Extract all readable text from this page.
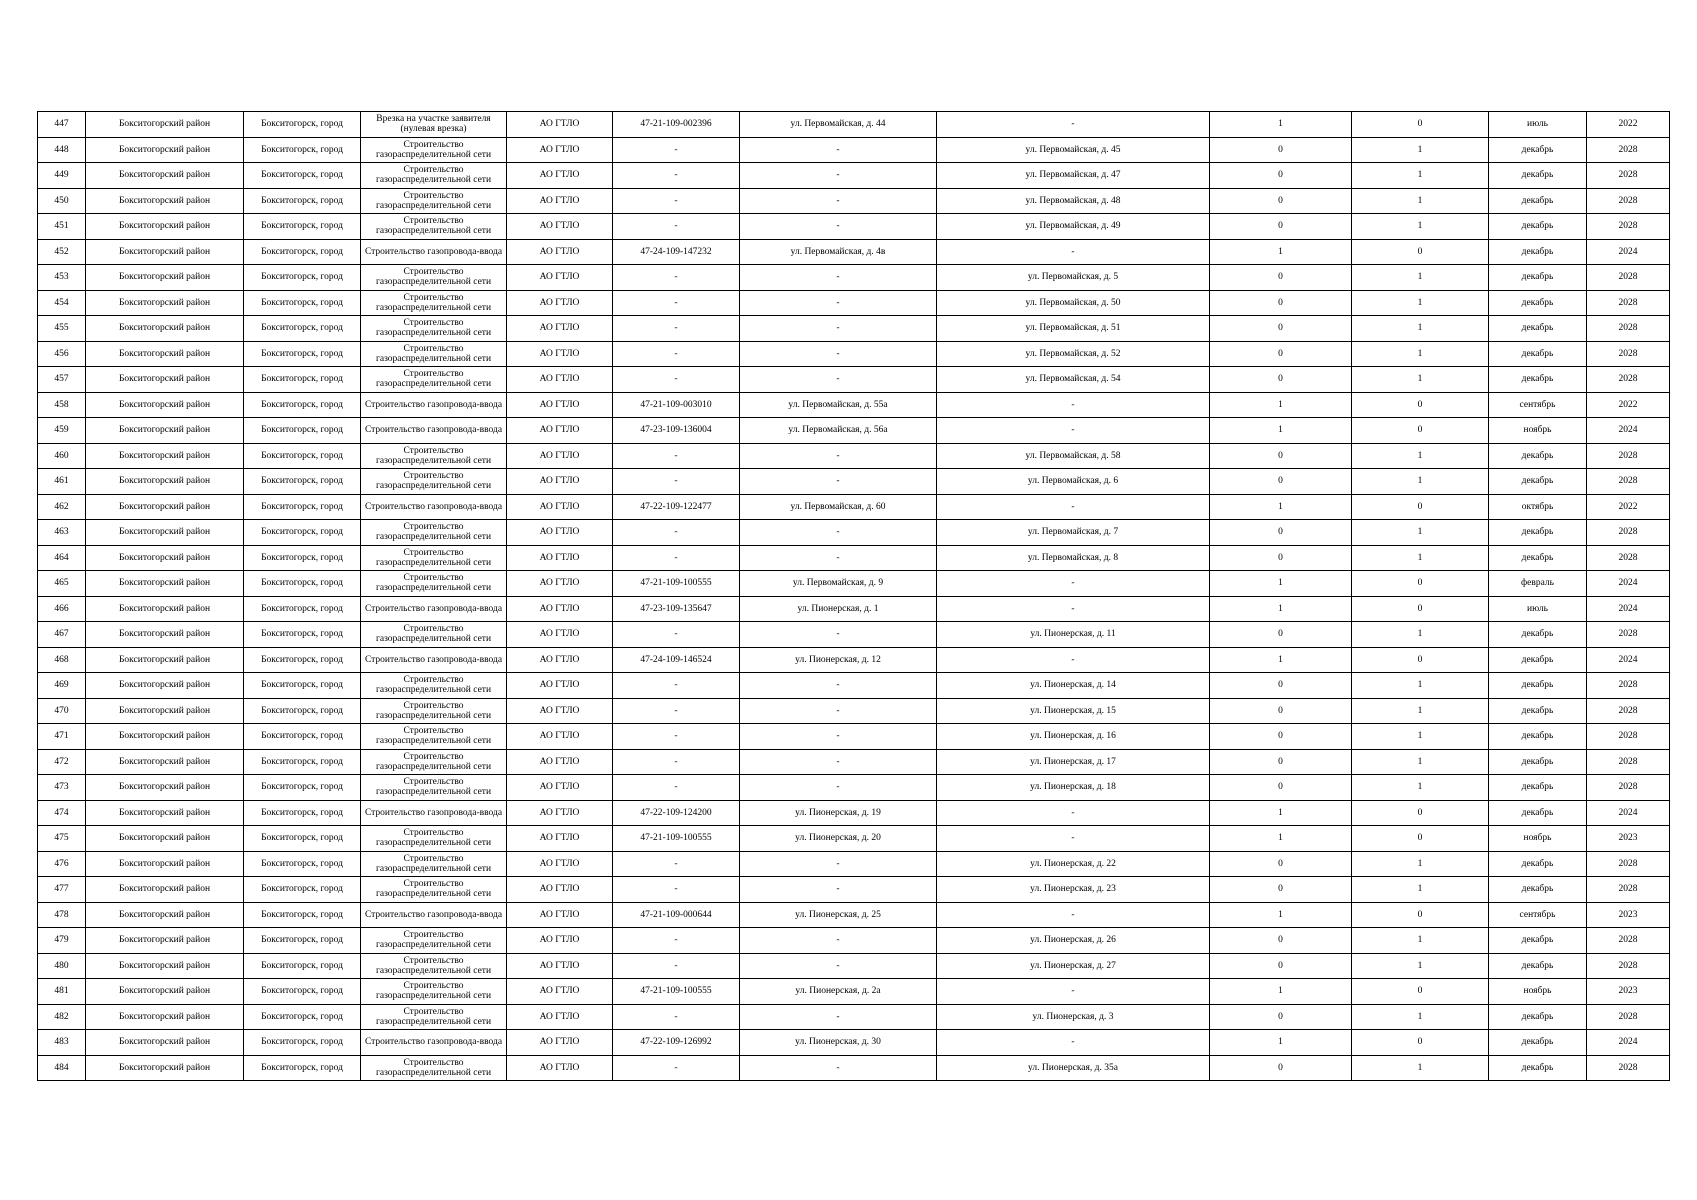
447	Бокситогорский район	Бокситогорск, город	Врезка на участке заявителя (нулевая врезка)	АО ГТЛО	47-21-109-002396	ул. Первомайская, д. 44	-	1	0	июль	2022
448	Бокситогорский район	Бокситогорск, город	Строительство газораспределительной сети	АО ГТЛО	-	-	ул. Первомайская, д. 45	0	1	декабрь	2028
449	Бокситогорский район	Бокситогорск, город	Строительство газораспределительной сети	АО ГТЛО	-	-	ул. Первомайская, д. 47	0	1	декабрь	2028
450	Бокситогорский район	Бокситогорск, город	Строительство газораспределительной сети	АО ГТЛО	-	-	ул. Первомайская, д. 48	0	1	декабрь	2028
451	Бокситогорский район	Бокситогорск, город	Строительство газораспределительной сети	АО ГТЛО	-	-	ул. Первомайская, д. 49	0	1	декабрь	2028
452	Бокситогорский район	Бокситогорск, город	Строительство газопровода-ввода	АО ГТЛО	47-24-109-147232	ул. Первомайская, д. 4в	-	1	0	декабрь	2024
453	Бокситогорский район	Бокситогорск, город	Строительство газораспределительной сети	АО ГТЛО	-	-	ул. Первомайская, д. 5	0	1	декабрь	2028
454	Бокситогорский район	Бокситогорск, город	Строительство газораспределительной сети	АО ГТЛО	-	-	ул. Первомайская, д. 50	0	1	декабрь	2028
455	Бокситогорский район	Бокситогорск, город	Строительство газораспределительной сети	АО ГТЛО	-	-	ул. Первомайская, д. 51	0	1	декабрь	2028
456	Бокситогорский район	Бокситогорск, город	Строительство газораспределительной сети	АО ГТЛО	-	-	ул. Первомайская, д. 52	0	1	декабрь	2028
457	Бокситогорский район	Бокситогорск, город	Строительство газораспределительной сети	АО ГТЛО	-	-	ул. Первомайская, д. 54	0	1	декабрь	2028
458	Бокситогорский район	Бокситогорск, город	Строительство газопровода-ввода	АО ГТЛО	47-21-109-003010	ул. Первомайская, д. 55а	-	1	0	сентябрь	2022
459	Бокситогорский район	Бокситогорск, город	Строительство газопровода-ввода	АО ГТЛО	47-23-109-136004	ул. Первомайская, д. 56а	-	1	0	ноябрь	2024
460	Бокситогорский район	Бокситогорск, город	Строительство газораспределительной сети	АО ГТЛО	-	-	ул. Первомайская, д. 58	0	1	декабрь	2028
461	Бокситогорский район	Бокситогорск, город	Строительство газораспределительной сети	АО ГТЛО	-	-	ул. Первомайская, д. 6	0	1	декабрь	2028
462	Бокситогорский район	Бокситогорск, город	Строительство газопровода-ввода	АО ГТЛО	47-22-109-122477	ул. Первомайская, д. 60	-	1	0	октябрь	2022
463	Бокситогорский район	Бокситогорск, город	Строительство газораспределительной сети	АО ГТЛО	-	-	ул. Первомайская, д. 7	0	1	декабрь	2028
464	Бокситогорский район	Бокситогорск, город	Строительство газораспределительной сети	АО ГТЛО	-	-	ул. Первомайская, д. 8	0	1	декабрь	2028
465	Бокситогорский район	Бокситогорск, город	Строительство газораспределительной сети	АО ГТЛО	47-21-109-100555	ул. Первомайская, д. 9	-	1	0	февраль	2024
466	Бокситогорский район	Бокситогорск, город	Строительство газопровода-ввода	АО ГТЛО	47-23-109-135647	ул. Пионерская, д. 1	-	1	0	июль	2024
467	Бокситогорский район	Бокситогорск, город	Строительство газораспределительной сети	АО ГТЛО	-	-	ул. Пионерская, д. 11	0	1	декабрь	2028
468	Бокситогорский район	Бокситогорск, город	Строительство газопровода-ввода	АО ГТЛО	47-24-109-146524	ул. Пионерская, д. 12	-	1	0	декабрь	2024
469	Бокситогорский район	Бокситогорск, город	Строительство газораспределительной сети	АО ГТЛО	-	-	ул. Пионерская, д. 14	0	1	декабрь	2028
470	Бокситогорский район	Бокситогорск, город	Строительство газораспределительной сети	АО ГТЛО	-	-	ул. Пионерская, д. 15	0	1	декабрь	2028
471	Бокситогорский район	Бокситогорск, город	Строительство газораспределительной сети	АО ГТЛО	-	-	ул. Пионерская, д. 16	0	1	декабрь	2028
472	Бокситогорский район	Бокситогорск, город	Строительство газораспределительной сети	АО ГТЛО	-	-	ул. Пионерская, д. 17	0	1	декабрь	2028
473	Бокситогорский район	Бокситогорск, город	Строительство газораспределительной сети	АО ГТЛО	-	-	ул. Пионерская, д. 18	0	1	декабрь	2028
474	Бокситогорский район	Бокситогорск, город	Строительство газопровода-ввода	АО ГТЛО	47-22-109-124200	ул. Пионерская, д. 19	-	1	0	декабрь	2024
475	Бокситогорский район	Бокситогорск, город	Строительство газораспределительной сети	АО ГТЛО	47-21-109-100555	ул. Пионерская, д. 20	-	1	0	ноябрь	2023
476	Бокситогорский район	Бокситогорск, город	Строительство газораспределительной сети	АО ГТЛО	-	-	ул. Пионерская, д. 22	0	1	декабрь	2028
477	Бокситогорский район	Бокситогорск, город	Строительство газораспределительной сети	АО ГТЛО	-	-	ул. Пионерская, д. 23	0	1	декабрь	2028
478	Бокситогорский район	Бокситогорск, город	Строительство газопровода-ввода	АО ГТЛО	47-21-109-000644	ул. Пионерская, д. 25	-	1	0	сентябрь	2023
479	Бокситогорский район	Бокситогорск, город	Строительство газораспределительной сети	АО ГТЛО	-	-	ул. Пионерская, д. 26	0	1	декабрь	2028
480	Бокситогорский район	Бокситогорск, город	Строительство газораспределительной сети	АО ГТЛО	-	-	ул. Пионерская, д. 27	0	1	декабрь	2028
481	Бокситогорский район	Бокситогорск, город	Строительство газораспределительной сети	АО ГТЛО	47-21-109-100555	ул. Пионерская, д. 2а	-	1	0	ноябрь	2023
482	Бокситогорский район	Бокситогорск, город	Строительство газораспределительной сети	АО ГТЛО	-	-	ул. Пионерская, д. 3	0	1	декабрь	2028
483	Бокситогорский район	Бокситогорск, город	Строительство газопровода-ввода	АО ГТЛО	47-22-109-126992	ул. Пионерская, д. 30	-	1	0	декабрь	2024
484	Бокситогорский район	Бокситогорск, город	Строительство газораспределительной сети	АО ГТЛО	-	-	ул. Пионерская, д. 35а	0	1	декабрь	2028
